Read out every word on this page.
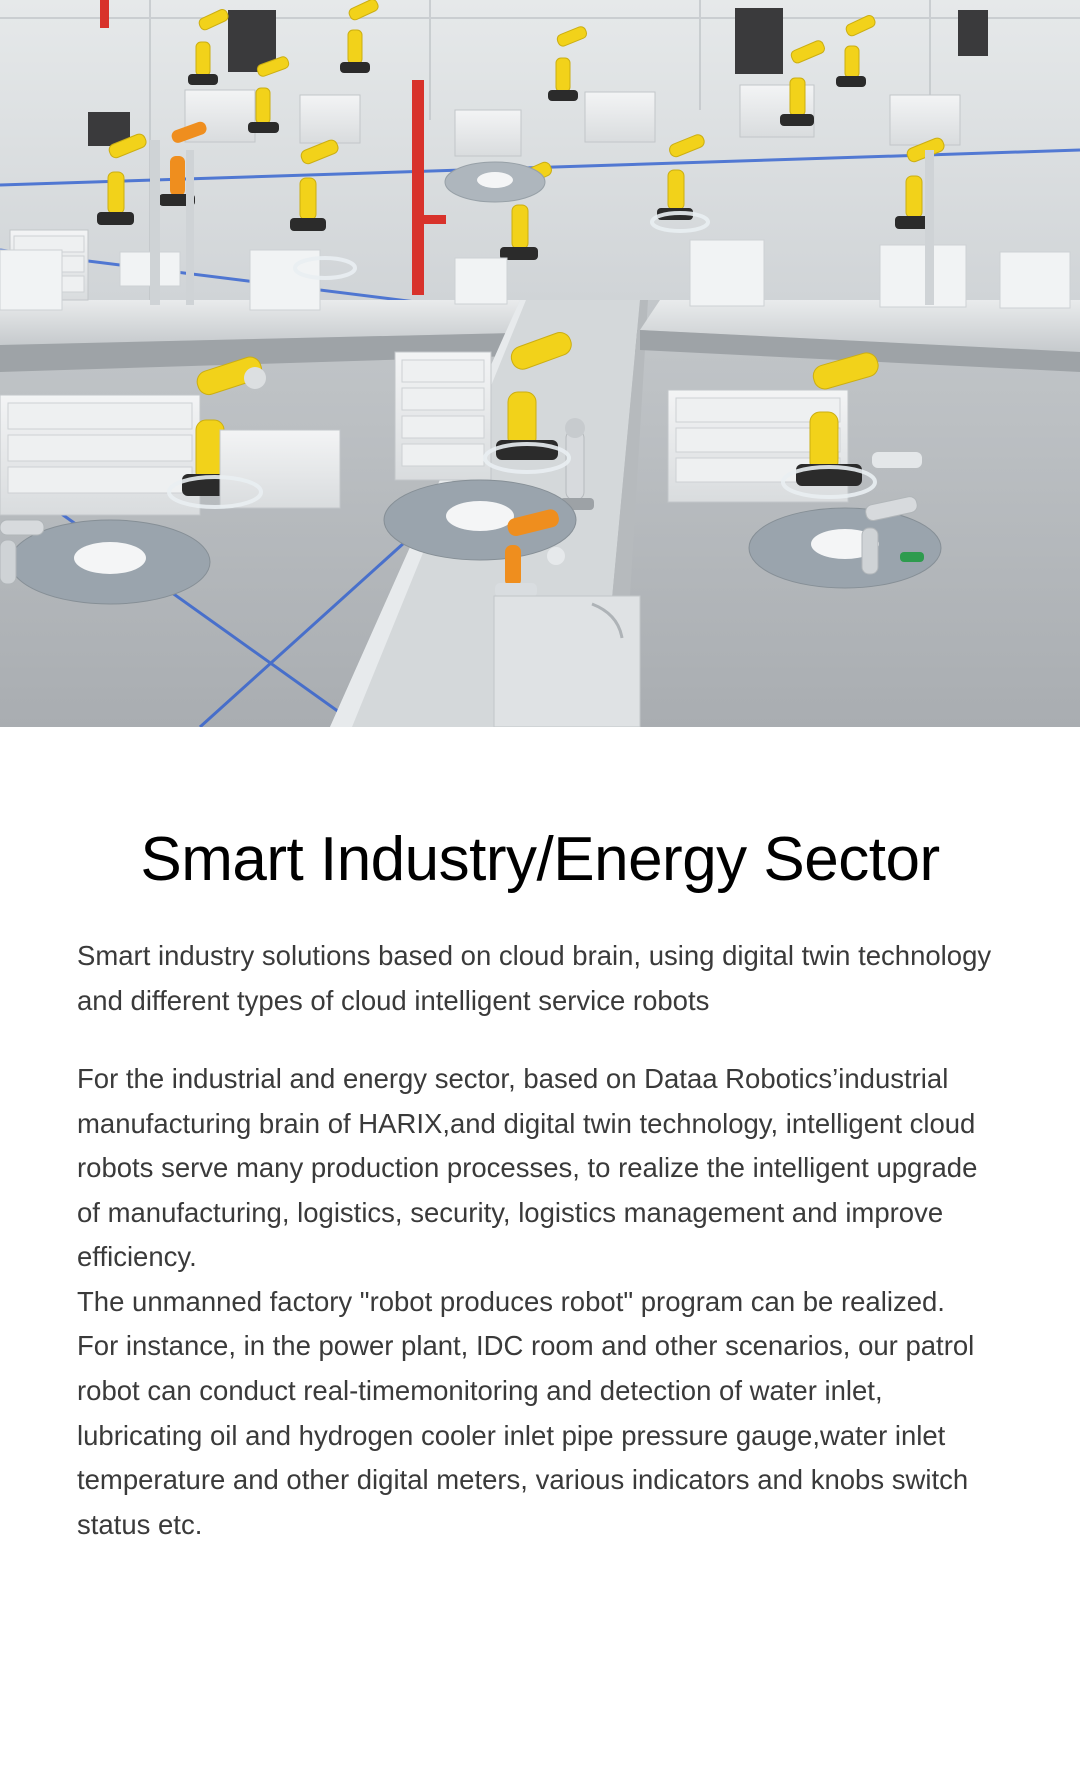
Smart Industry/Energy Sector

Smart industry solutions based on cloud brain, using digital twin technology and different types of cloud intelligent service robots

For the industrial and energy sector, based on Dataa Robotics’industrial manufacturing brain of HARIX,and digital twin technology, intelligent cloud robots serve many production processes, to realize the intelligent upgrade of manufacturing, logistics, security, logistics management and improve efficiency.

The unmanned factory "robot produces robot" program can be realized.

For instance, in the power plant, IDC room and other scenarios, our patrol robot can conduct real-timemonitoring and detection of water inlet, lubricating oil and hydrogen cooler inlet pipe pressure gauge,water inlet temperature and other digital meters, various indicators and knobs switch status etc.
